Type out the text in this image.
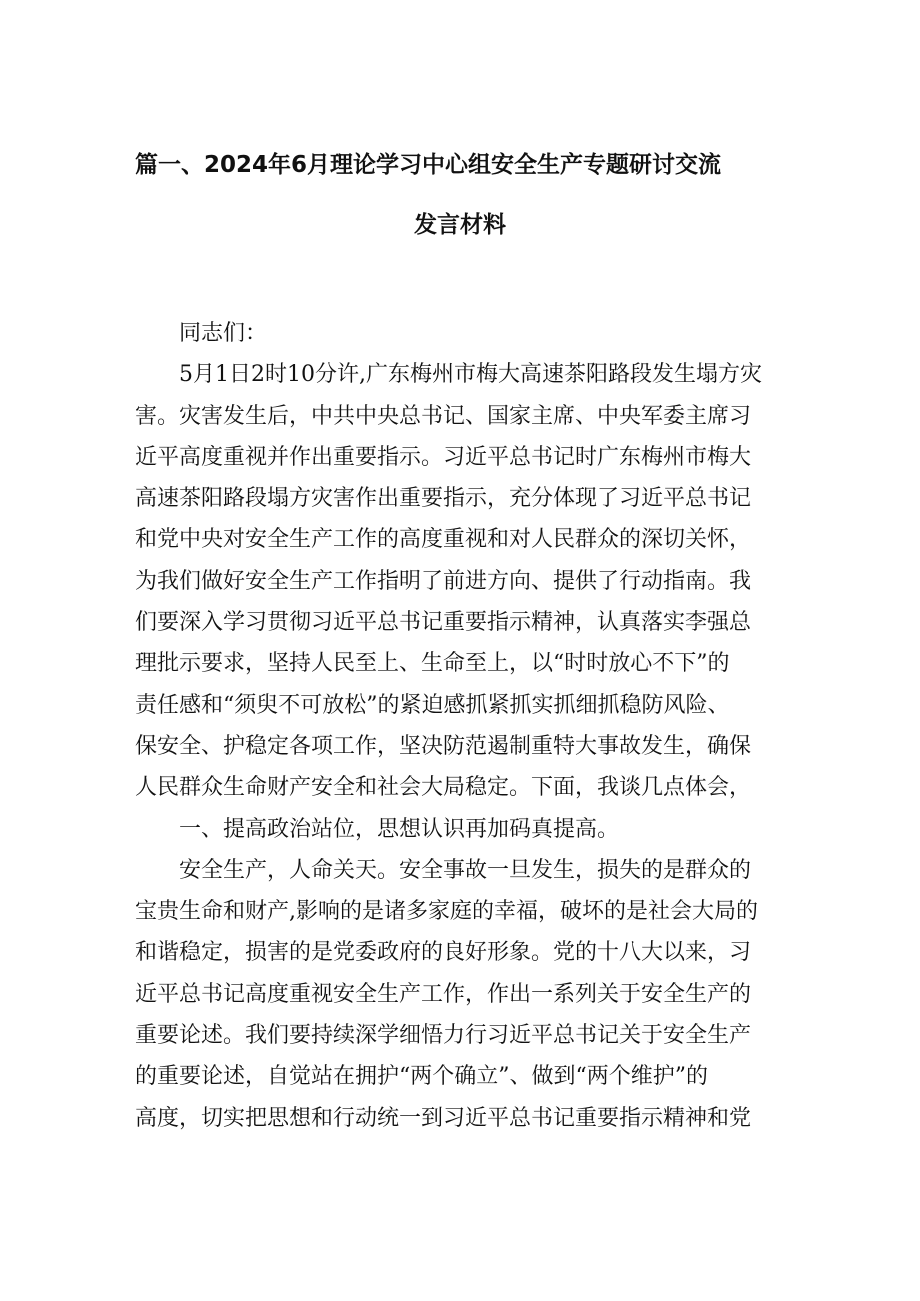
篇一、2024年6月理论学习中心组安全生产专题研讨交流
发言材料
同志们：
5月1日2时10分许,广东梅州市梅大高速茶阳路段发生塌方灾
害。灾害发生后，中共中央总书记、国家主席、中央军委主席习
近平高度重视并作出重要指示。习近平总书记时广东梅州市梅大
高速茶阳路段塌方灾害作出重要指示，充分体现了习近平总书记
和党中央对安全生产工作的高度重视和对人民群众的深切关怀，
为我们做好安全生产工作指明了前进方向、提供了行动指南。我
们要深入学习贯彻习近平总书记重要指示精神，认真落实李强总
理批示要求，坚持人民至上、生命至上，以“时时放心不下”的
责任感和“须臾不可放松”的紧迫感抓紧抓实抓细抓稳防风险、
保安全、护稳定各项工作，坚决防范遏制重特大事故发生，确保
人民群众生命财产安全和社会大局稳定。下面，我谈几点体会，
一、提高政治站位，思想认识再加码真提高。
安全生产，人命关天。安全事故一旦发生，损失的是群众的
宝贵生命和财产,影响的是诸多家庭的幸福，破坏的是社会大局的
和谐稳定，损害的是党委政府的良好形象。党的十八大以来，习
近平总书记高度重视安全生产工作，作出一系列关于安全生产的
重要论述。我们要持续深学细悟力行习近平总书记关于安全生产
的重要论述，自觉站在拥护“两个确立”、做到“两个维护”的
高度，切实把思想和行动统一到习近平总书记重要指示精神和党
